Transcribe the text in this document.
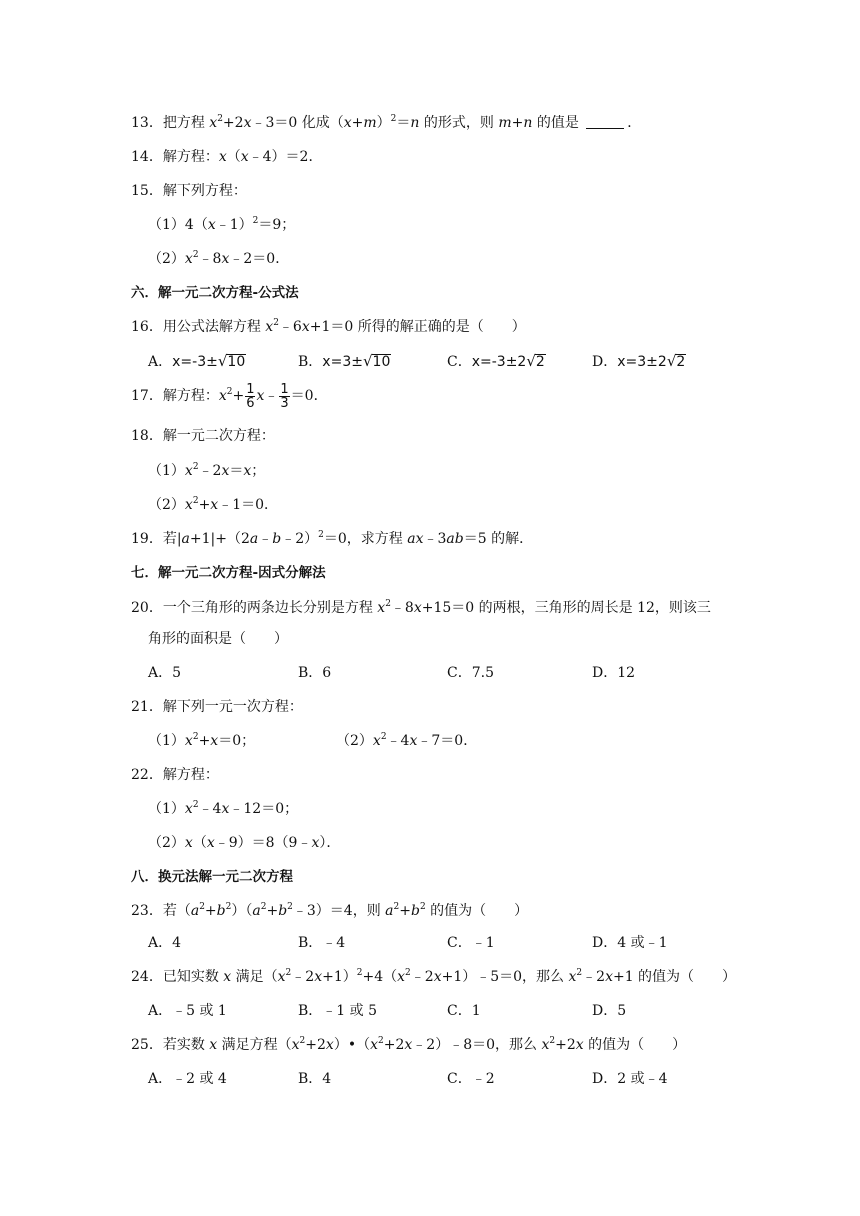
13．把方程 $x^2+2x﹣3=0$ 化成$(x+m)^2=n$ 的形式，则 m+n 的值是	．
14．解方程：x（x﹣4）＝2．
15．解下列方程：
（1）4（x﹣1）$^2$＝9；
$(2)x^2﹣8x﹣2=0$．
六．解一元二次方程-公式法
16．用公式法解方程 $x^2﹣6x+1=0$ 所得的解正确的是（　　）
A．x=-3±√10	B．x=3±√10	C．x=-3±2√2	D．x=3±2√2
17．解方程：$x^2+ \frac{1}{6}$ x﹣ $\frac{1}{3} =0$．
18．解一元二次方程：
$(1)x^2﹣2x=x$；
$(2)x^2+x﹣1=0$．
19．若|a+1|+（2a﹣b﹣2）$^2$＝0，求方程 ax﹣3ab＝5 的解．
七．解一元二次方程-因式分解法
20．一个三角形的两条边长分别是方程 $x^2﹣8x+15=0$ 的两根，三角形的周长是 12，则该三
角形的面积是（　　）
A．5	B．6	C．7.5	D．12
21．解下列一元一次方程：
$(1)x^2+x=0$；	$(2)x^2﹣4x﹣7=0$．
22．解方程：
$(1)x^2﹣4x﹣12=0$；
（2）x（x﹣9）＝8（9﹣x）．
八．换元法解一元二次方程
23．若$(a^2+b^2)(a^2+b^2﹣3)=4$，则 $a^2+b^2$ 的值为（　　）
A．4	B．﹣4	C．﹣1	D．4 或﹣1
24．已知实数 x 满足$(x^2﹣2x+1)^2+4(x^2﹣2x+1)﹣5=0$，那么 $x^2﹣2x+1$ 的值为（　　）
A．﹣5 或 1	B．﹣1 或 5	C．1	D．5
25．若实数 x 满足方程$(x^2+2x)•(x^2+2x﹣2)﹣8=0$，那么 $x^2+2x$ 的值为（　　）
A．﹣2 或 4	B．4	C．﹣2	D．2 或﹣4
